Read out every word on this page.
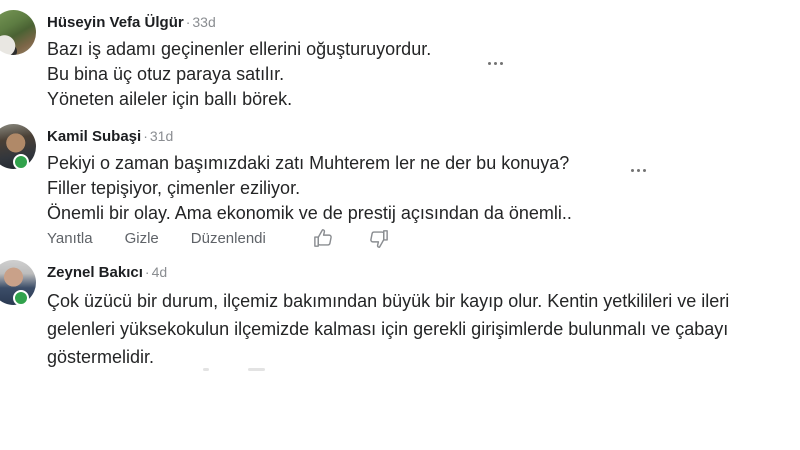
Hüseyin Vefa Ülgür · 33d
Bazı iş adamı geçinenler ellerini oğuşturuyordur.
Bu bina üç otuz paraya satılır.
Yöneten aileler için ballı börek.
Kamil Subaşi · 31d
Pekiyi o zaman başımızdaki zatı Muhterem ler ne der bu konuya?
Filler tepişiyor, çimenler eziliyor.
Önemli bir olay. Ama ekonomik ve de prestij açısından da önemli..
Yanıtla Gizle Düzenlendi
Zeynel Bakıcı · 4d
Çok üzücü bir durum, ilçemiz bakımından büyük bir kayıp olur. Kentin yetkilileri ve ileri
gelenleri yüksekokulun ilçemizde kalması için gerekli girişimlerde bulunmalı ve çabayı
göstermelidir.
